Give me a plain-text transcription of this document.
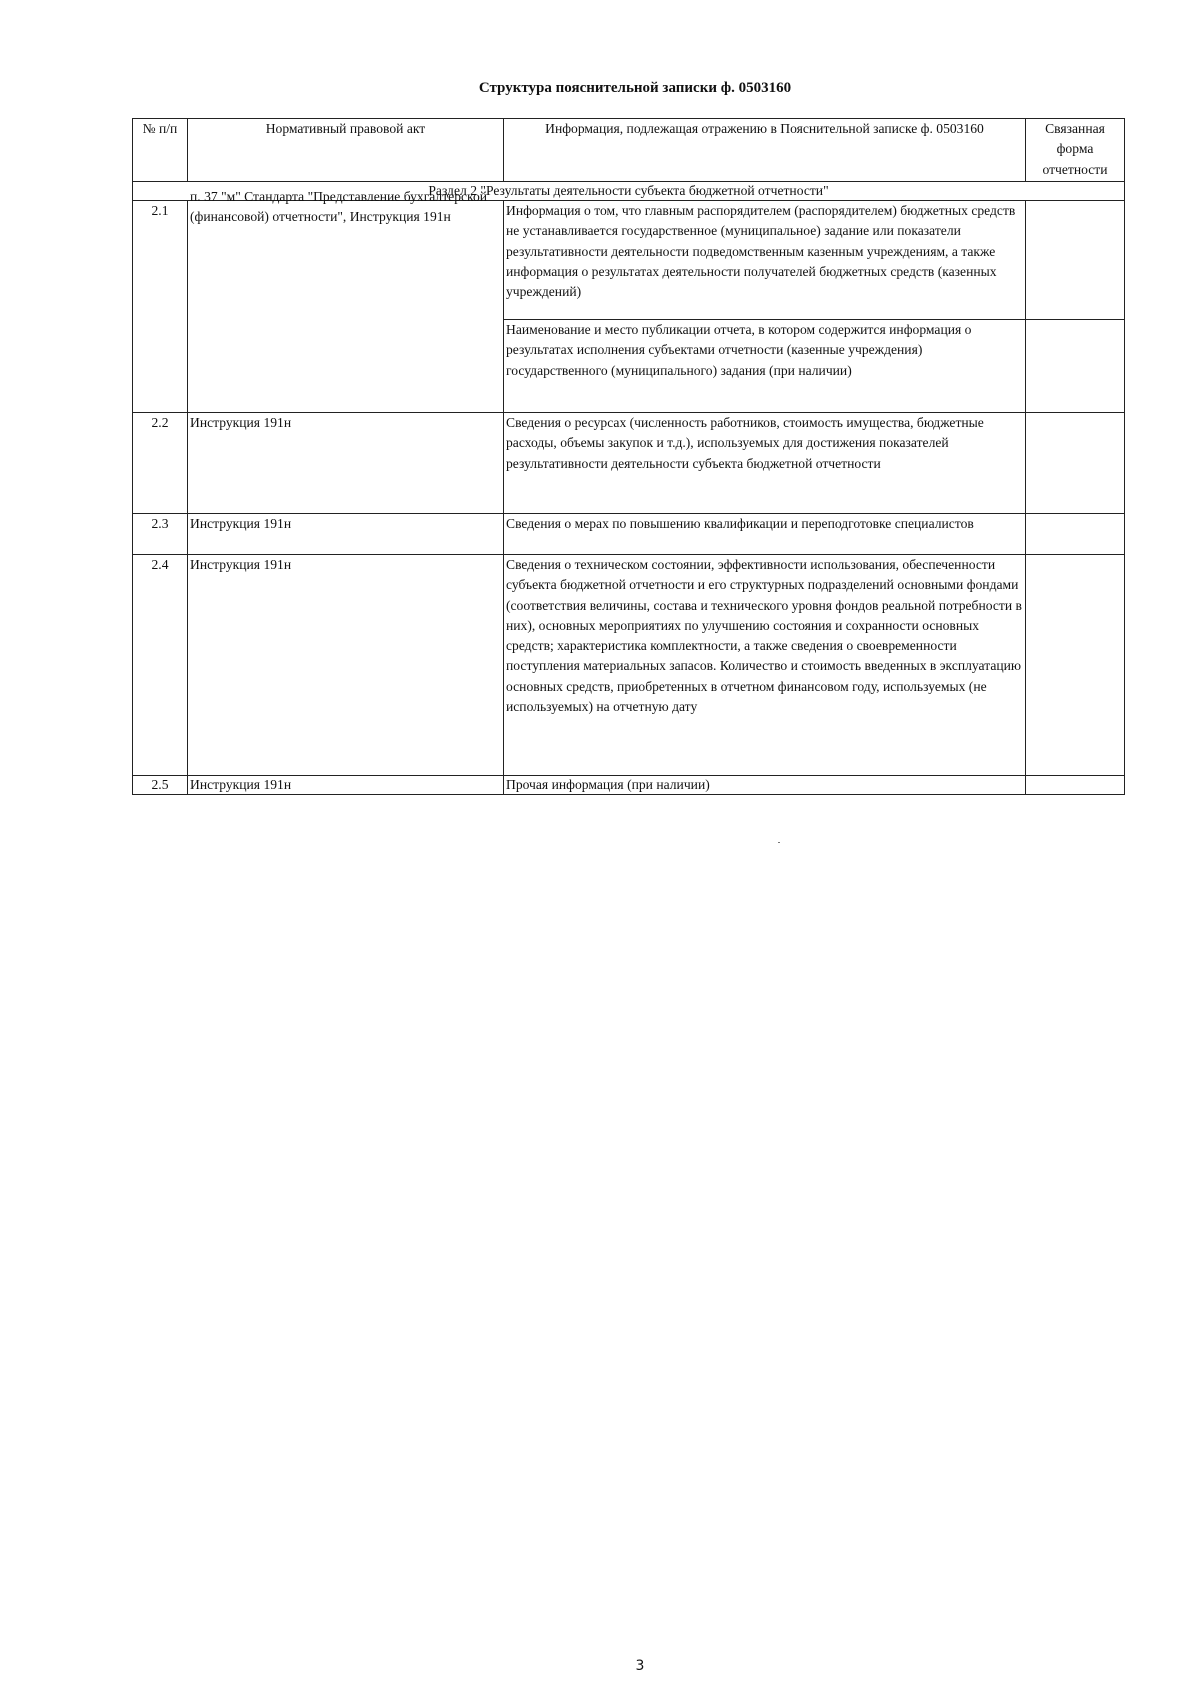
Структура пояснительной записки ф. 0503160
№ п/п	Нормативный правовой акт	Информация, подлежащая отражению в Пояснительной записке ф. 0503160	Связанная форма отчетности
Раздел 2 "Результаты деятельности субъекта бюджетной отчетности"			
2.1	п. 37 "м" Стандарта "Представление бухгалтерской (финансовой) отчетности", Инструкция 191н	Информация о том, что главным распорядителем (распорядителем) бюджетных средств не устанавливается государственное (муниципальное) задание или показатели результативности деятельности подведомственным казенным учреждениям, а также информация о результатах деятельности получателей бюджетных средств (казенных учреждений)	
		Наименование и место публикации отчета, в котором содержится информация о результатах исполнения субъектами отчетности (казенные учреждения) государственного (муниципального) задания (при наличии)	
2.2	Инструкция 191н	Сведения о ресурсах (численность работников, стоимость имущества, бюджетные расходы, объемы закупок и т.д.), используемых для достижения показателей результативности деятельности субъекта бюджетной отчетности	
2.3	Инструкция 191н	Сведения о мерах по повышению квалификации и переподготовке специалистов	
2.4	Инструкция 191н	Сведения о техническом состоянии, эффективности использования, обеспеченности субъекта бюджетной отчетности и его структурных подразделений основными фондами (соответствия величины, состава и технического уровня фондов реальной потребности в них), основных мероприятиях по улучшению состояния и сохранности основных средств; характеристика комплектности, а также сведения о своевременности поступления материальных запасов. Количество и стоимость введенных в эксплуатацию основных средств, приобретенных в отчетном финансовом году, используемых (не используемых) на отчетную дату	
2.5	Инструкция 191н	Прочая информация (при наличии)	
3
